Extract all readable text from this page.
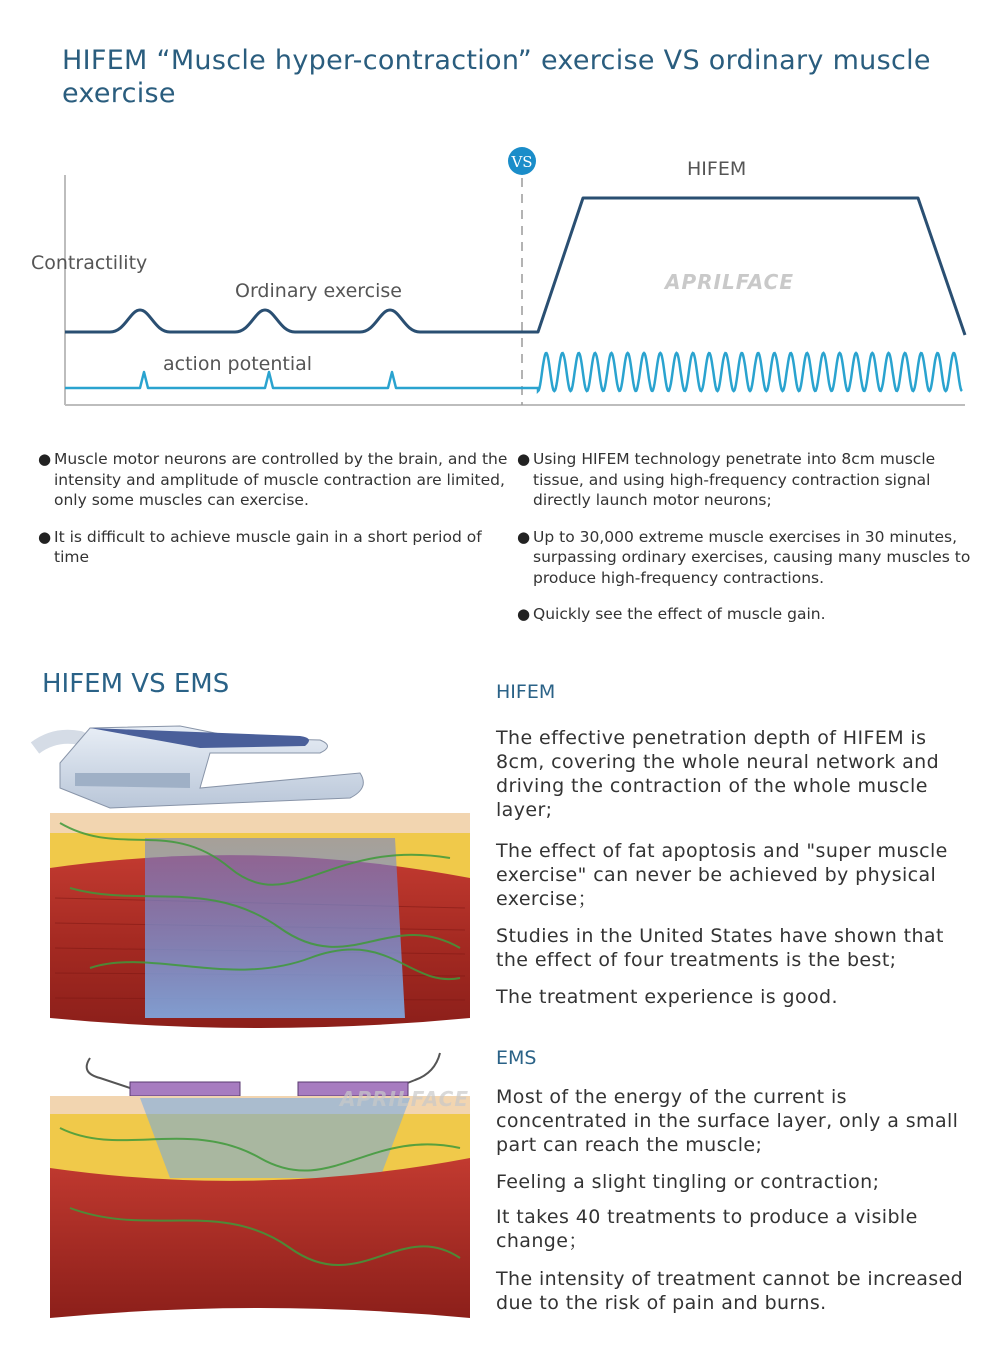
HIFEM “Muscle hyper-contraction” exercise VS ordinary muscle exercise
VS	HIFEM
Contractility
Ordinary exercise
action potential
APRILFACE
● Muscle motor neurons are controlled by the brain, and the intensity and amplitude of muscle contraction are limited, only some muscles can exercise.
● It is difficult to achieve muscle gain in a short period of time
● Using HIFEM technology penetrate into 8cm muscle tissue, and using high-frequency contraction signal directly launch motor neurons;
● Up to 30,000 extreme muscle exercises in 30 minutes, surpassing ordinary exercises, causing many muscles to produce high-frequency contractions.
● Quickly see the effect of muscle gain.
HIFEM VS EMS
APRILFACE
HIFEM

The effective penetration depth of HIFEM is 8cm, covering the whole neural network and driving the contraction of the whole muscle layer;

The effect of fat apoptosis and "super muscle exercise" can never be achieved by physical exercise；

Studies in the United States have shown that the effect of four treatments is the best;

The treatment experience is good.

EMS

Most of the energy of the current is concentrated in the surface layer, only a small part can reach the muscle;

Feeling a slight tingling or contraction;

It takes 40 treatments to produce a visible change；

The intensity of treatment cannot be increased due to the risk of pain and burns.
